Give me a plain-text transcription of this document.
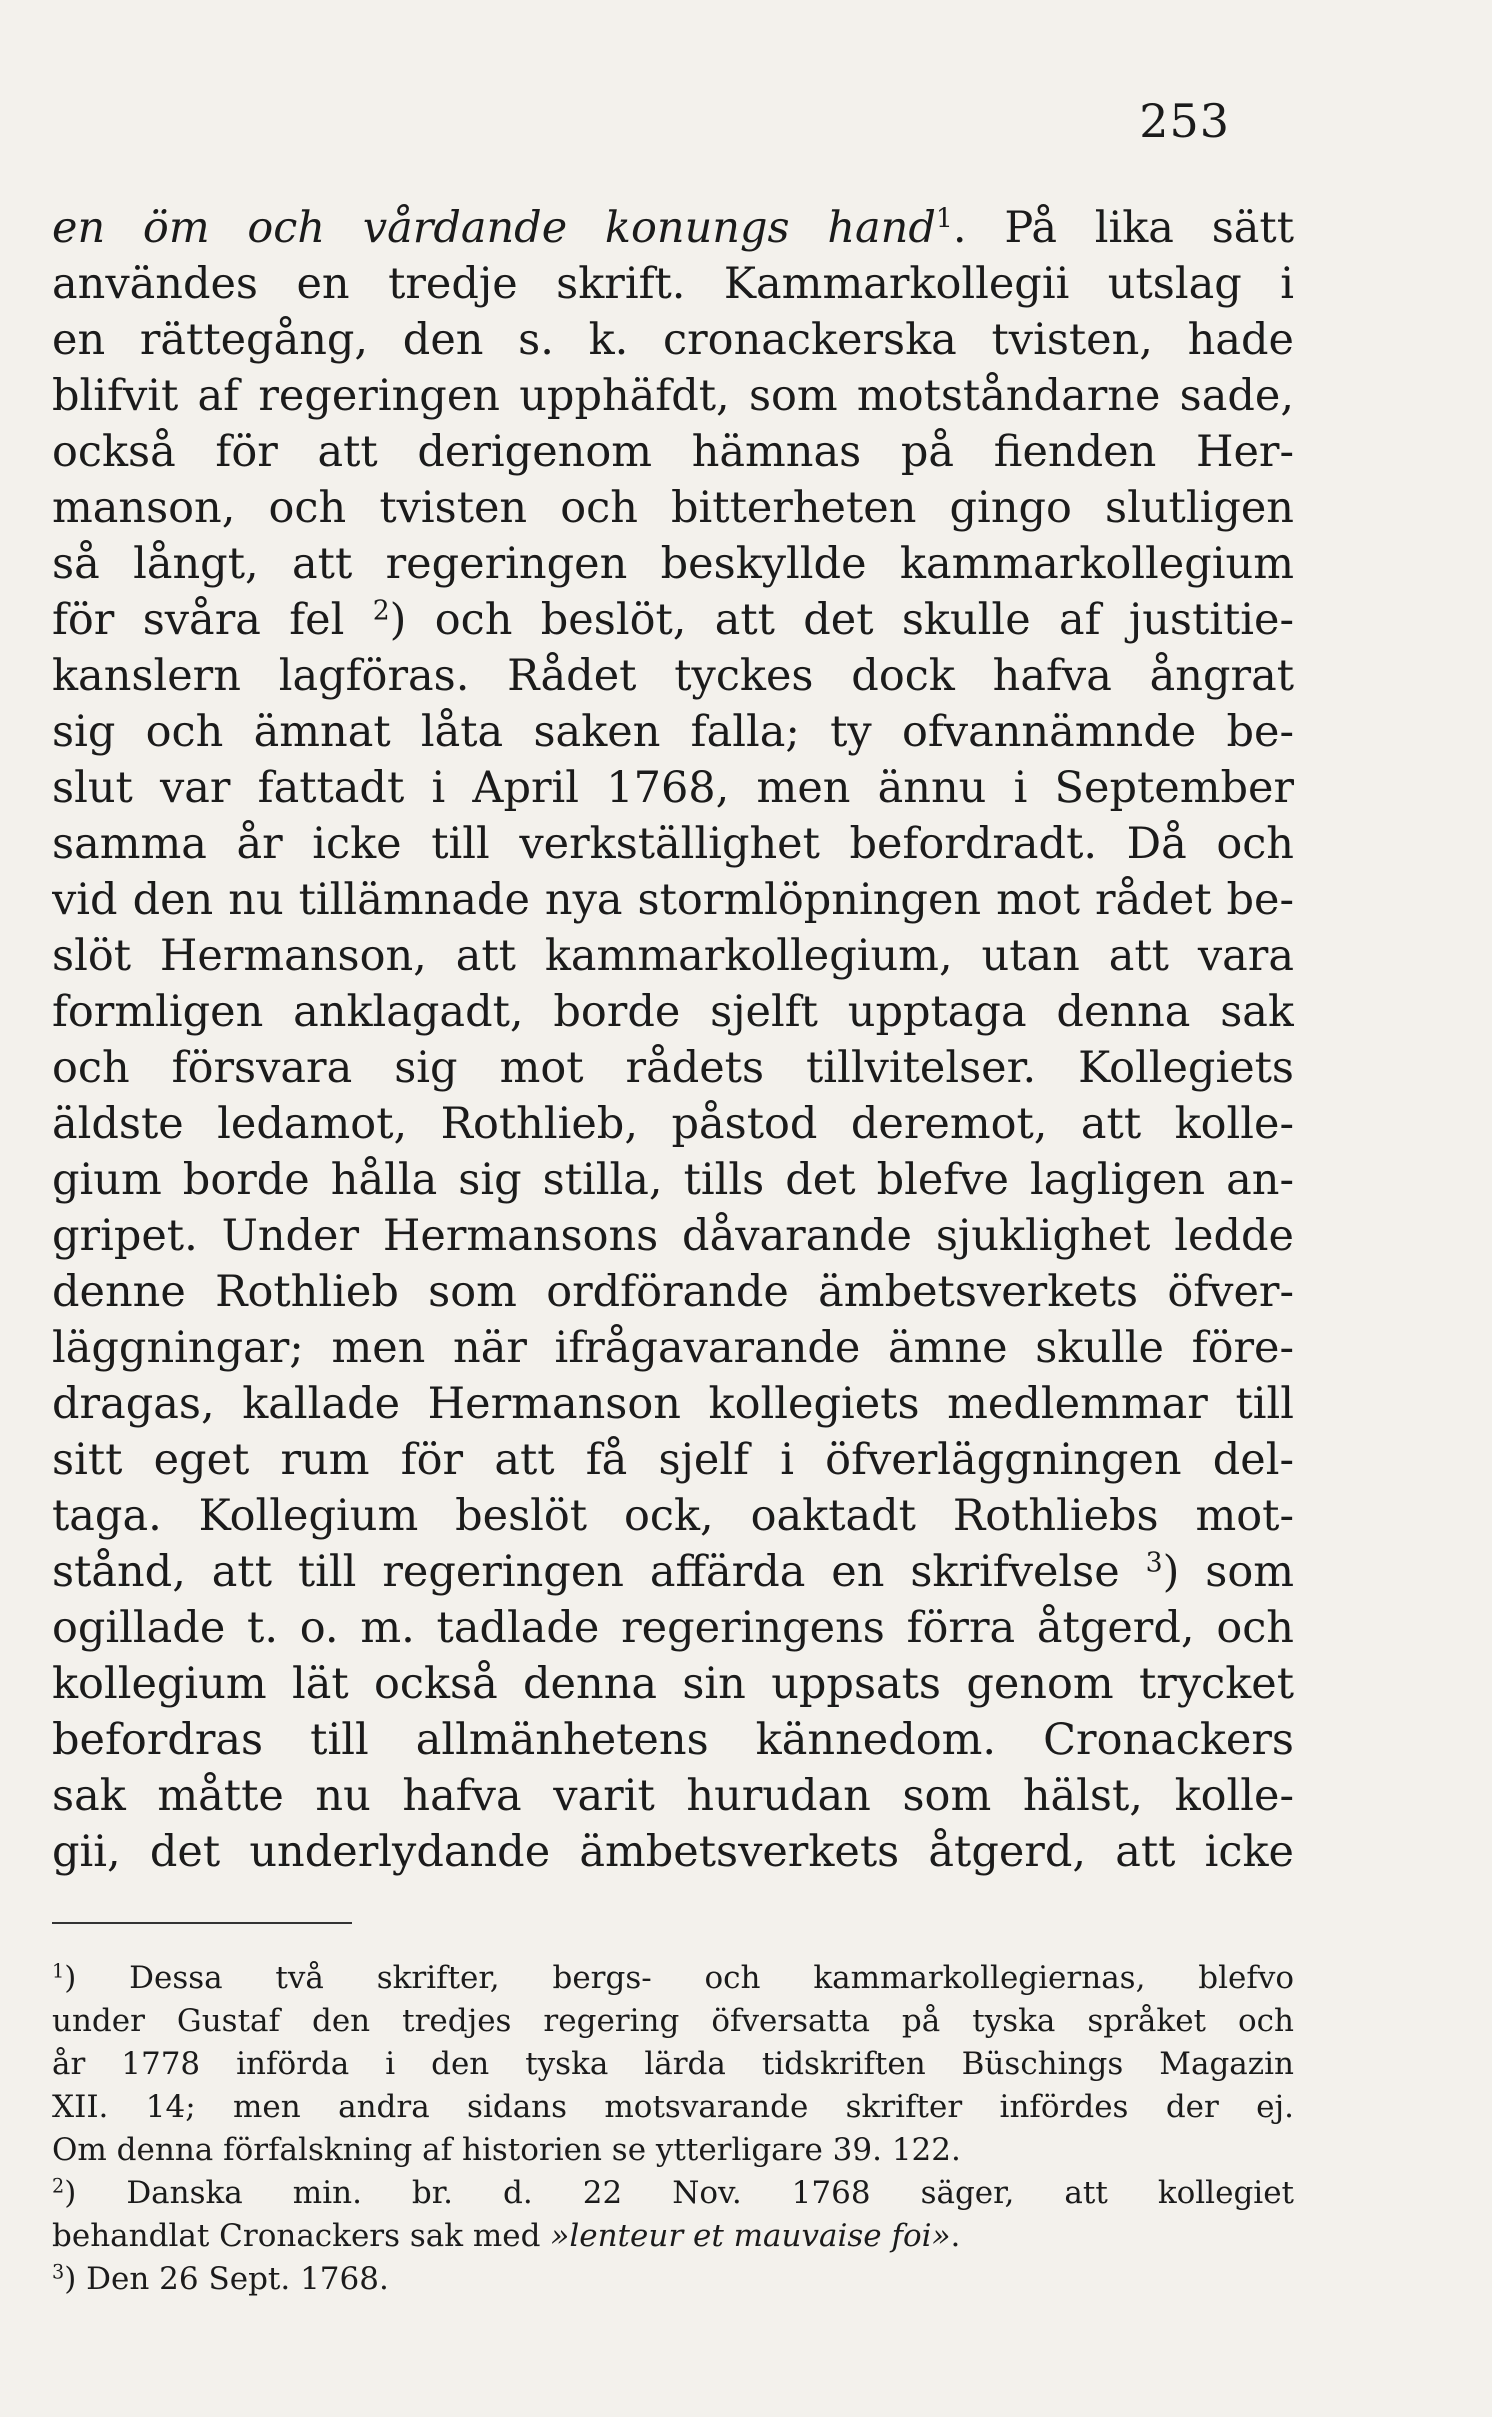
253
en öm och vårdande konungs hand$^1$. På lika sätt
användes en tredje skrift. Kammarkollegii utslag i
en rättegång, den s. k. cronackerska tvisten, hade
blifvit af regeringen upphäfdt, som motståndarne sade,
också för att derigenom hämnas på fienden Her-
manson, och tvisten och bitterheten gingo slutligen
så långt, att regeringen beskyllde kammarkollegium
för svåra fel $^2$) och beslöt, att det skulle af justitie-
kanslern lagföras. Rådet tyckes dock hafva ångrat
sig och ämnat låta saken falla; ty ofvannämnde be-
slut var fattadt i April 1768, men ännu i September
samma år icke till verkställighet befordradt. Då och
vid den nu tillämnade nya stormlöpningen mot rådet be-
slöt Hermanson, att kammarkollegium, utan att vara
formligen anklagadt, borde sjelft upptaga denna sak
och försvara sig mot rådets tillvitelser. Kollegiets
äldste ledamot, Rothlieb, påstod deremot, att kolle-
gium borde hålla sig stilla, tills det blefve lagligen an-
gripet. Under Hermansons dåvarande sjuklighet ledde
denne Rothlieb som ordförande ämbetsverkets öfver-
läggningar; men när ifrågavarande ämne skulle före-
dragas, kallade Hermanson kollegiets medlemmar till
sitt eget rum för att få sjelf i öfverläggningen del-
taga. Kollegium beslöt ock, oaktadt Rothliebs mot-
stånd, att till regeringen affärda en skrifvelse $^3$) som
ogillade t. o. m. tadlade regeringens förra åtgerd, och
kollegium lät också denna sin uppsats genom trycket
befordras till allmänhetens kännedom. Cronackers
sak måtte nu hafva varit hurudan som hälst, kolle-
gii, det underlydande ämbetsverkets åtgerd, att icke
$^1$) Dessa två skrifter, bergs- och kammarkollegiernas, blefvo
under Gustaf den tredjes regering öfversatta på tyska språket och
år 1778 införda i den tyska lärda tidskriften Büschings Magazin
XII. 14; men andra sidans motsvarande skrifter infördes der ej.
Om denna förfalskning af historien se ytterligare 39. 122.
$^2$) Danska min. br. d. 22 Nov. 1768 säger, att kollegiet
behandlat Cronackers sak med »lenteur et mauvaise foi».
$^3$) Den 26 Sept. 1768.
